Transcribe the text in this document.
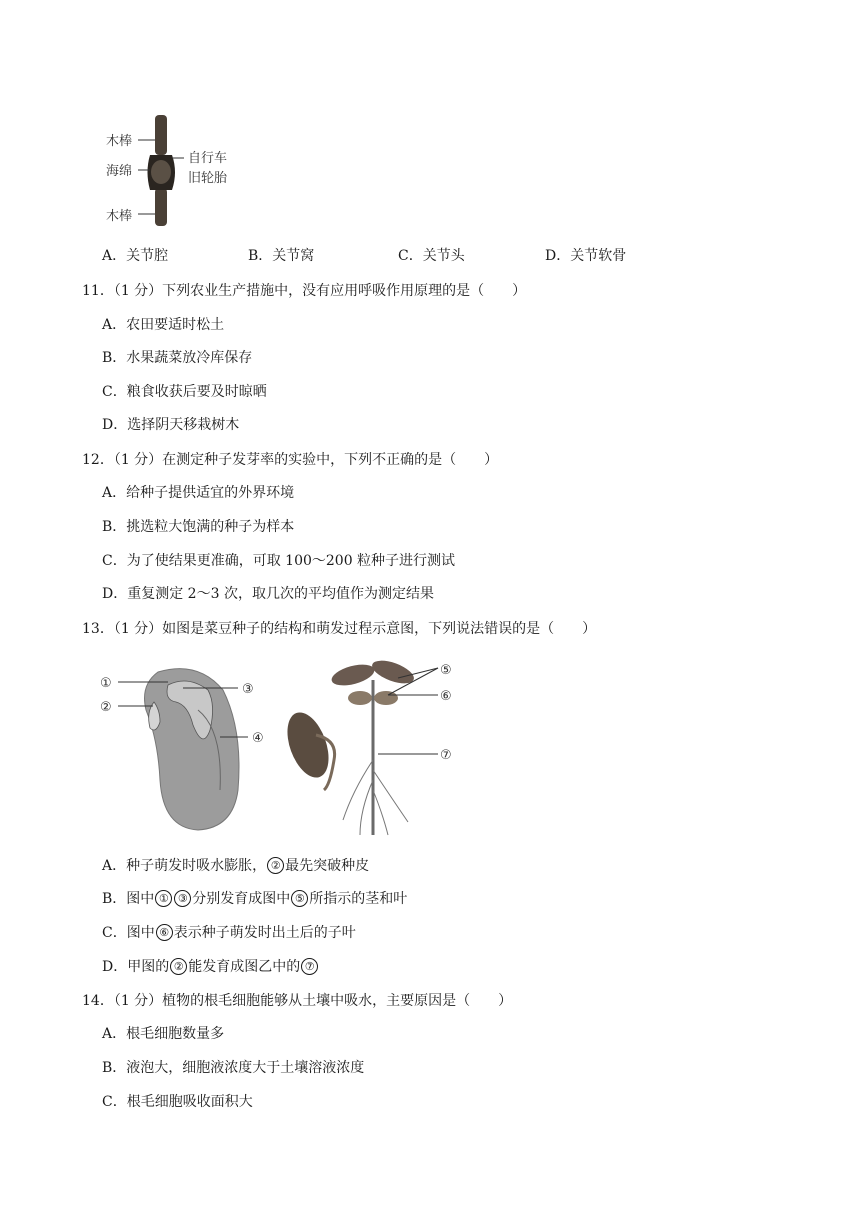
木棒
海绵
自行车
旧轮胎
木棒
A．关节腔	B．关节窝	C．关节头	D．关节软骨
11．（1 分）下列农业生产措施中，没有应用呼吸作用原理的是（　　）
A．农田要适时松土
B．水果蔬菜放冷库保存
C．粮食收获后要及时晾晒
D．选择阴天移栽树木
12．（1 分）在测定种子发芽率的实验中，下列不正确的是（　　）
A．给种子提供适宜的外界环境
B．挑选粒大饱满的种子为样本
C．为了使结果更准确，可取 100～200 粒种子进行测试
D．重复测定 2～3 次，取几次的平均值作为测定结果
13．（1 分）如图是菜豆种子的结构和萌发过程示意图，下列说法错误的是（　　）
①
②
③
④
⑤
⑥
⑦
A．种子萌发时吸水膨胀， ② 最先突破种皮
B．图中 ① ③ 分别发育成图中 ⑤ 所指示的茎和叶
C．图中 ⑥ 表示种子萌发时出土后的子叶
D．甲图的 ② 能发育成图乙中的 ⑦
14．（1 分）植物的根毛细胞能够从土壤中吸水，主要原因是（　　）
A．根毛细胞数量多
B．液泡大，细胞液浓度大于土壤溶液浓度
C．根毛细胞吸收面积大
